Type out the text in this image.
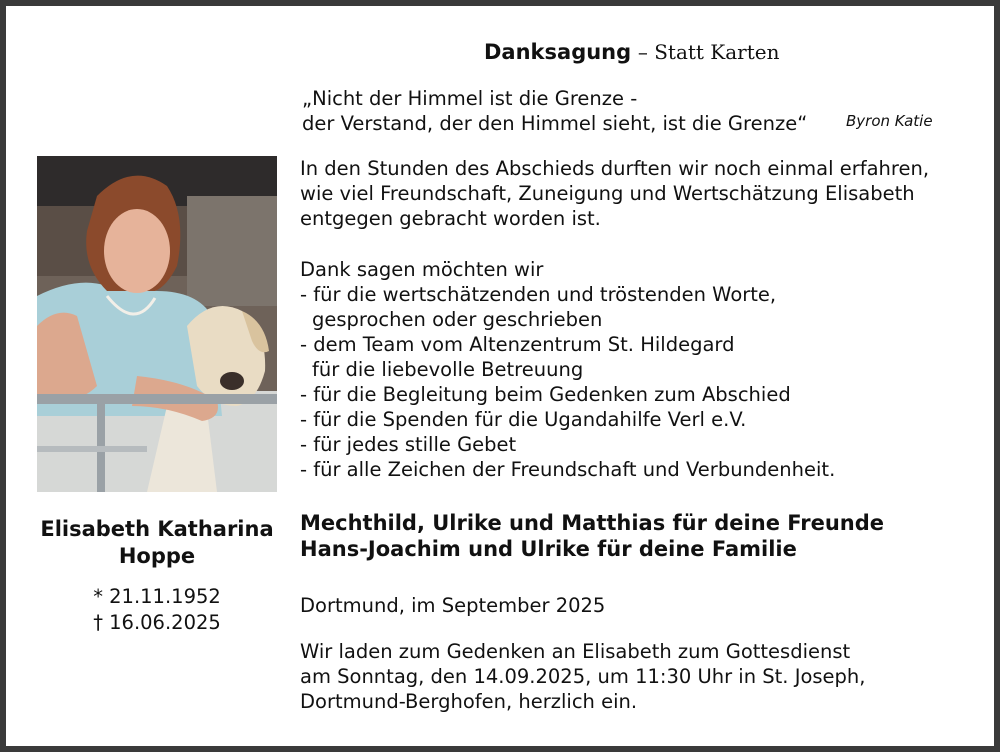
Danksagung – Statt Karten
„Nicht der Himmel ist die Grenze -
der Verstand, der den Himmel sieht, ist die Grenze“	Byron Katie
In den Stunden des Abschieds durften wir noch einmal erfahren,
wie viel Freundschaft, Zuneigung und Wertschätzung Elisabeth
entgegen gebracht worden ist.
Dank sagen möchten wir
- für die wertschätzenden und tröstenden Worte,
gesprochen oder geschrieben
- dem Team vom Altenzentrum St. Hildegard
für die liebevolle Betreuung
- für die Begleitung beim Gedenken zum Abschied
- für die Spenden für die Ugandahilfe Verl e.V.
- für jedes stille Gebet
- für alle Zeichen der Freundschaft und Verbundenheit.
Elisabeth Katharina
Hoppe
* 21.11.1952
† 16.06.2025
Mechthild, Ulrike und Matthias für deine Freunde
Hans-Joachim und Ulrike für deine Familie
Dortmund, im September 2025
Wir laden zum Gedenken an Elisabeth zum Gottesdienst
am Sonntag, den 14.09.2025, um 11:30 Uhr in St. Joseph,
Dortmund-Berghofen, herzlich ein.
